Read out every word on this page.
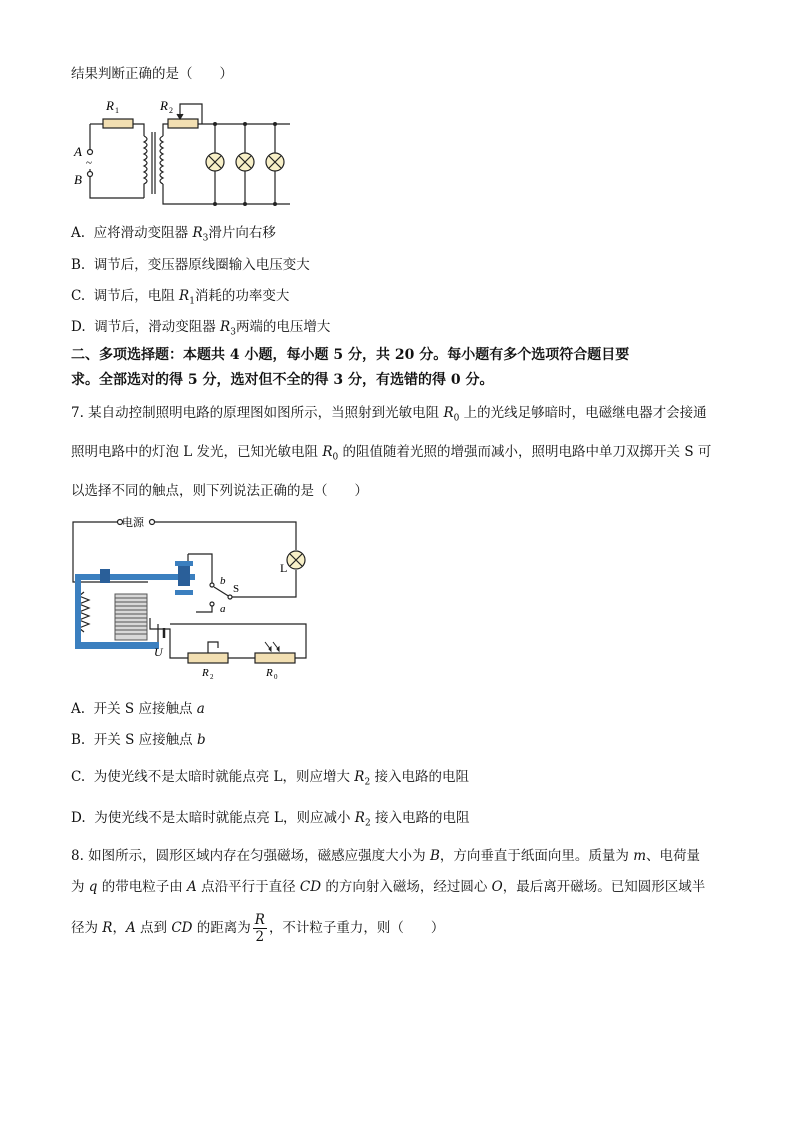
结果判断正确的是（　　）
R 1	R 2
A
~
B
A. 应将滑动变阻器 $R_3$滑片向右移
B. 调节后，变压器原线圈输入电压变大
C. 调节后，电阻 $R_1$消耗的功率变大
D. 调节后，滑动变阻器 $R_3$两端的电压增大
二、多项选择题：本题共 4 小题，每小题 5 分，共 20 分。每小题有多个选项符合题目要
求。全部选对的得 5 分，选对但不全的得 3 分，有选错的得 0 分。
7. 某自动控制照明电路的原理图如图所示，当照射到光敏电阻 $R_0$ 上的光线足够暗时，电磁继电器才会接通
照明电路中的灯泡 L 发光，已知光敏电阻 $R_0$ 的阻值随着光照的增强而减小，照明电路中单刀双掷开关 S 可
以选择不同的触点，则下列说法正确的是（　　）
电源
L
b
S
a
U
R 2	R 0
A. 开关 S 应接触点 a
B. 开关 S 应接触点 b
C. 为使光线不是太暗时就能点亮 L，则应增大 $R_2$ 接入电路的电阻
D. 为使光线不是太暗时就能点亮 L，则应减小 $R_2$ 接入电路的电阻
8. 如图所示，圆形区域内存在匀强磁场，磁感应强度大小为 B，方向垂直于纸面向里。质量为 m、电荷量
为 q 的带电粒子由 A 点沿平行于直径 CD 的方向射入磁场，经过圆心 O，最后离开磁场。已知圆形区域半
径为 R，A 点到 CD 的距离为 $\frac{R}{2}$ ，不计粒子重力，则（　　）
